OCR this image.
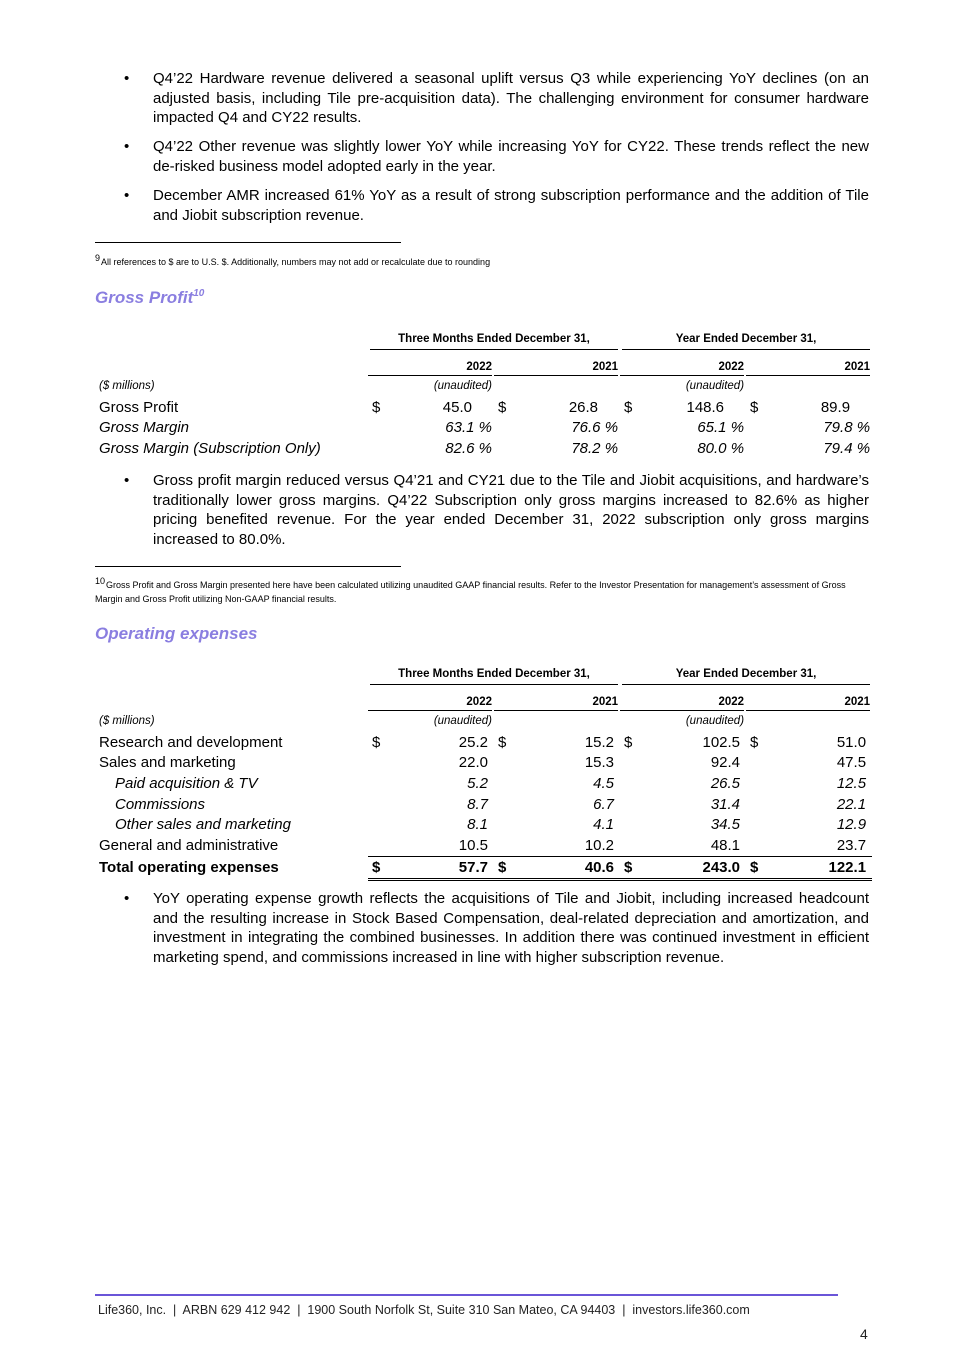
• Q4’22 Hardware revenue delivered a seasonal uplift versus Q3 while experiencing YoY declines (on an adjusted basis, including Tile pre-acquisition data). The challenging environment for consumer hardware impacted Q4 and CY22 results.
• Q4’22 Other revenue was slightly lower YoY while increasing YoY for CY22. These trends reflect the new de-risked business model adopted early in the year.
• December AMR increased 61% YoY as a result of strong subscription performance and the addition of Tile and Jiobit subscription revenue.
$^9$All references to $ are to U.S. $. Additionally, numbers may not add or recalculate due to rounding
Gross Profit$^{10}$

	Three Months Ended December 31,				Year Ended December 31,			

	2022		2021		2022		2021	

($ millions)	(unaudited)				(unaudited)			
Gross Profit	$	45.0	$	26.8	$	148.6	$	89.9
Gross Margin		63.1 %		76.6 %		65.1 %		79.8 %
Gross Margin (Subscription Only)		82.6 %		78.2 %		80.0 %		79.4 %
• Gross profit margin reduced versus Q4’21 and CY21 due to the Tile and Jiobit acquisitions, and hardware’s traditionally lower gross margins. Q4’22 Subscription only gross margins increased to 82.6% as higher pricing benefited revenue. For the year ended December 31, 2022 subscription only gross margins increased to 80.0%.
$^{10}$Gross Profit and Gross Margin presented here have been calculated utilizing unaudited GAAP financial results. Refer to the Investor Presentation for management’s assessment of Gross Margin and Gross Profit utilizing Non-GAAP financial results.
Operating expenses

	Three Months Ended December 31,				Year Ended December 31,			

	2022		2021		2022		2021	

($ millions)	(unaudited)				(unaudited)			
Research and development	$	25.2	$	15.2	$	102.5	$	51.0
Sales and marketing		22.0		15.3		92.4		47.5
Paid acquisition & TV		5.2		4.5		26.5		12.5
Commissions		8.7		6.7		31.4		22.1
Other sales and marketing		8.1		4.1		34.5		12.9
General and administrative		10.5		10.2		48.1		23.7
Total operating expenses	$	57.7	$	40.6	$	243.0	$	122.1
• YoY operating expense growth reflects the acquisitions of Tile and Jiobit, including increased headcount and the resulting increase in Stock Based Compensation, deal-related depreciation and amortization, and investment in integrating the combined businesses. In addition there was continued investment in efficient marketing spend, and commissions increased in line with higher subscription revenue.
Life360, Inc.  |  ARBN 629 412 942  |  1900 South Norfolk St, Suite 310 San Mateo, CA 94403  |  investors.life360.com
4
